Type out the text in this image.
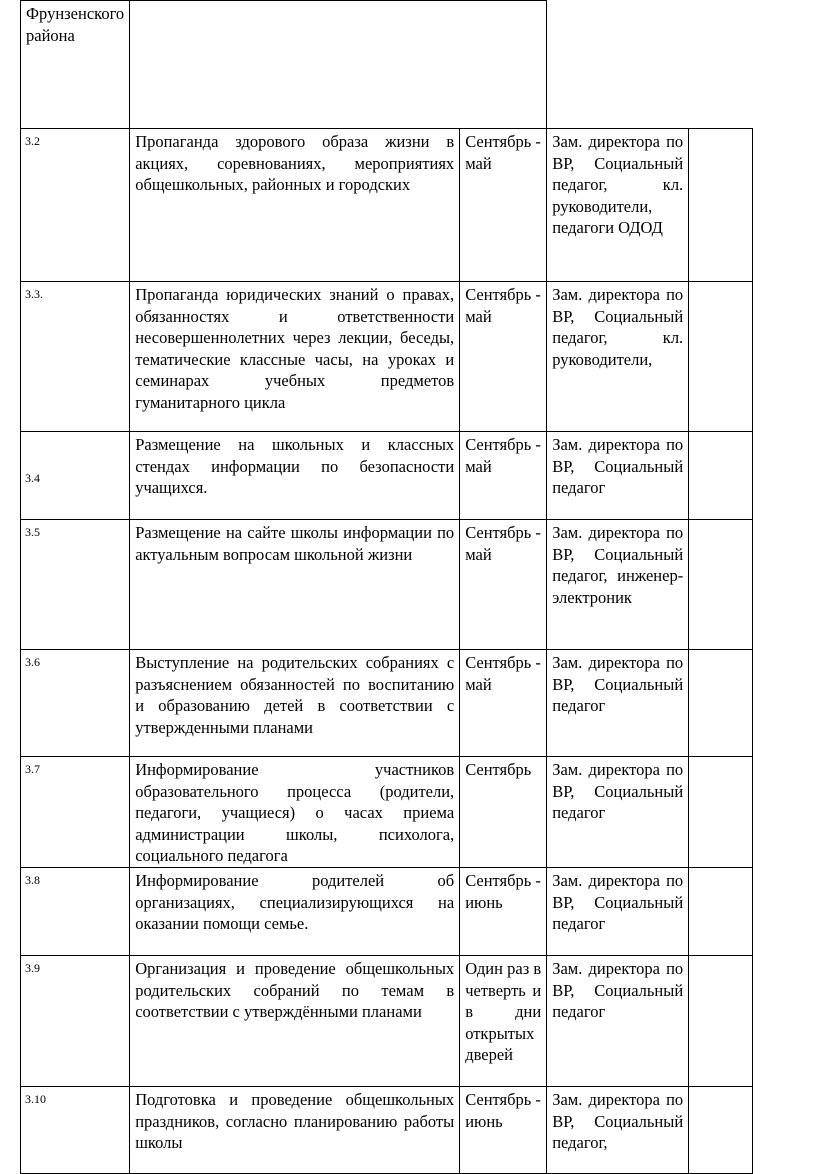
Фрунзенского района				
3.2	Пропаганда здорового образа жизни в акциях, соревнованиях, мероприятиях общешкольных, районных и городских	Сентябрь - май	Зам. директора по ВР, Социальный педагог, кл. руководители, педагоги ОДОД	
3.3.	Пропаганда юридических знаний о правах, обязанностях и ответственности несовершеннолетних через лекции, беседы, тематические классные часы, на уроках и семинарах учебных предметов гуманитарного цикла	Сентябрь - май	Зам. директора по ВР, Социальный педагог, кл. руководители,	
3.4	Размещение на школьных и классных стендах информации по безопасности учащихся.	Сентябрь - май	Зам. директора по ВР, Социальный педагог	
3.5	Размещение на сайте школы информации по актуальным вопросам школьной жизни	Сентябрь - май	Зам. директора по ВР, Социальный педагог, инженер-электроник	
3.6	Выступление на родительских собраниях с разъяснением обязанностей по воспитанию и образованию детей в соответствии с утвержденными планами	Сентябрь - май	Зам. директора по ВР, Социальный педагог	
3.7	Информирование участников образовательного процесса (родители, педагоги, учащиеся) о часах приема администрации школы, психолога, социального педагога	Сентябрь	Зам. директора по ВР, Социальный педагог	
3.8	Информирование родителей об организациях, специализирующихся на оказании помощи семье.	Сентябрь - июнь	Зам. директора по ВР, Социальный педагог	
3.9	Организация и проведение общешкольных родительских собраний по темам в соответствии с утверждёнными планами	Один раз в четверть и в дни открытых дверей	Зам. директора по ВР, Социальный педагог	
3.10	Подготовка и проведение общешкольных праздников, согласно планированию работы школы	Сентябрь - июнь	Зам. директора по ВР, Социальный педагог,	
